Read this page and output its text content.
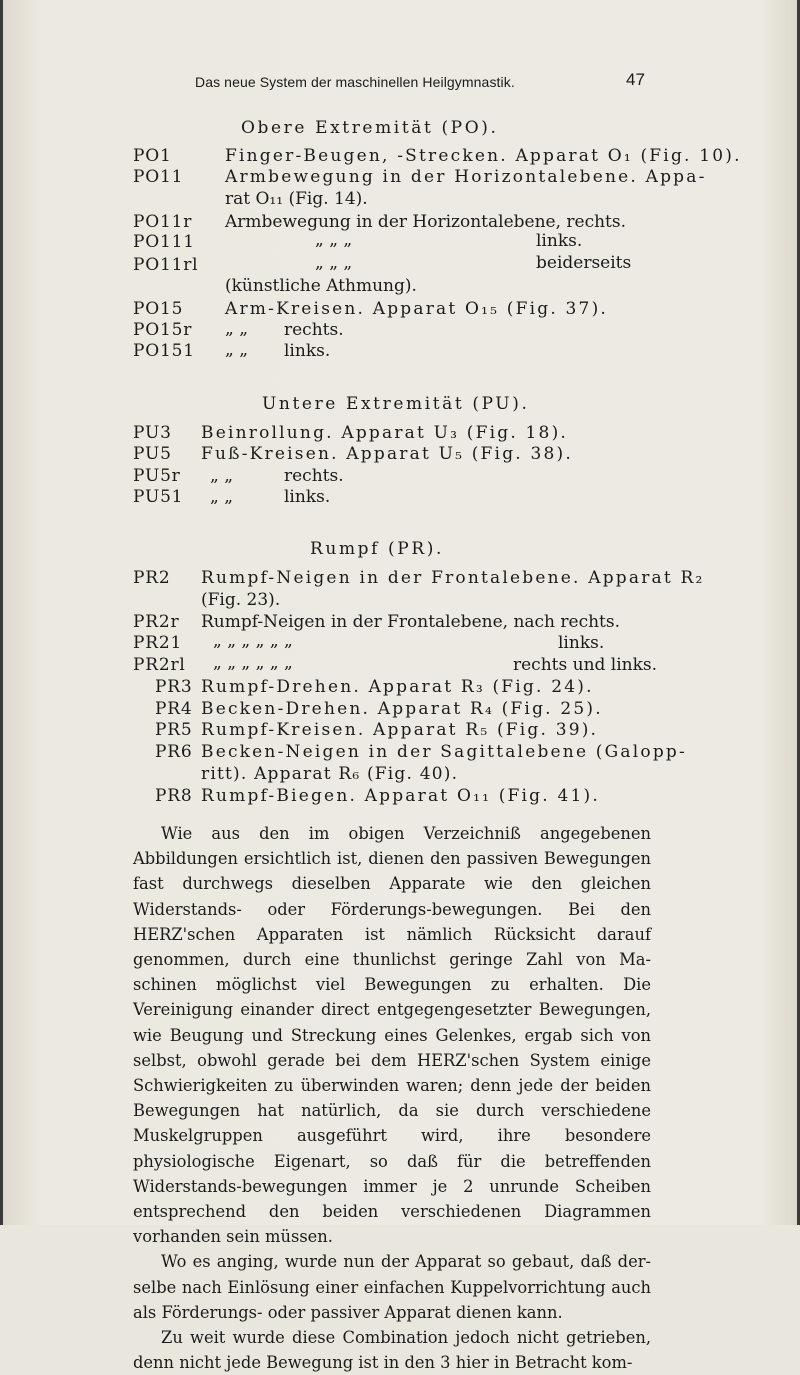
Das neue System der maschinellen Heilgymnastik.	47
Obere Extremität (PO).
PO1	Finger-Beugen, -Strecken. Apparat O₁ (Fig. 10).
PO11 Armbewegung in der Horizontalebene. Appa-
rat O₁₁ (Fig. 14).
PO11r Armbewegung in der Horizontalebene, rechts.
PO111	„ „ „	links.
PO11rl	„ „ „	beiderseits
(künstliche Athmung).
PO15 Arm-Kreisen. Apparat O₁₅ (Fig. 37).
PO15r	„ „ rechts.
PO151	„ „ links.
Untere Extremität (PU).
PU3 Beinrollung. Apparat U₃ (Fig. 18).
PU5 Fuß-Kreisen. Apparat U₅ (Fig. 38).
PU5r	„ „	rechts.
PU51	„ „	links.
Rumpf (PR).
PR2 Rumpf-Neigen in der Frontalebene. Apparat R₂
(Fig. 23).
PR2r Rumpf-Neigen in der Frontalebene, nach rechts.
PR21	„ „ „ „ „ „	links.
PR2rl	„ „ „ „ „ „	rechts und links.
PR3 Rumpf-Drehen. Apparat R₃ (Fig. 24).
PR4 Becken-Drehen. Apparat R₄ (Fig. 25).
PR5 Rumpf-Kreisen. Apparat R₅ (Fig. 39).
PR6 Becken-Neigen in der Sagittalebene (Galopp-
ritt). Apparat R₆ (Fig. 40).
PR8 Rumpf-Biegen. Apparat O₁₁ (Fig. 41).

Wie aus den im obigen Verzeichniß angegebenen Abbildungen ersichtlich ist, dienen den passiven Bewegungen fast durchwegs dieselben Apparate wie den gleichen Widerstands- oder Förderungs-bewegungen. Bei den HERZ'schen Apparaten ist nämlich Rücksicht darauf genommen, durch eine thunlichst geringe Zahl von Ma-schinen möglichst viel Bewegungen zu erhalten. Die Vereinigung einander direct entgegengesetzter Bewegungen, wie Beugung und Streckung eines Gelenkes, ergab sich von selbst, obwohl gerade bei dem HERZ'schen System einige Schwierigkeiten zu überwinden waren; denn jede der beiden Bewegungen hat natürlich, da sie durch verschiedene Muskelgruppen ausgeführt wird, ihre besondere physiologische Eigenart, so daß für die betreffenden Widerstands-bewegungen immer je 2 unrunde Scheiben entsprechend den beiden verschiedenen Diagrammen vorhanden sein müssen.

Wo es anging, wurde nun der Apparat so gebaut, daß der-selbe nach Einlösung einer einfachen Kuppelvorrichtung auch als Förderungs- oder passiver Apparat dienen kann.

Zu weit wurde diese Combination jedoch nicht getrieben, denn nicht jede Bewegung ist in den 3 hier in Betracht kom-
